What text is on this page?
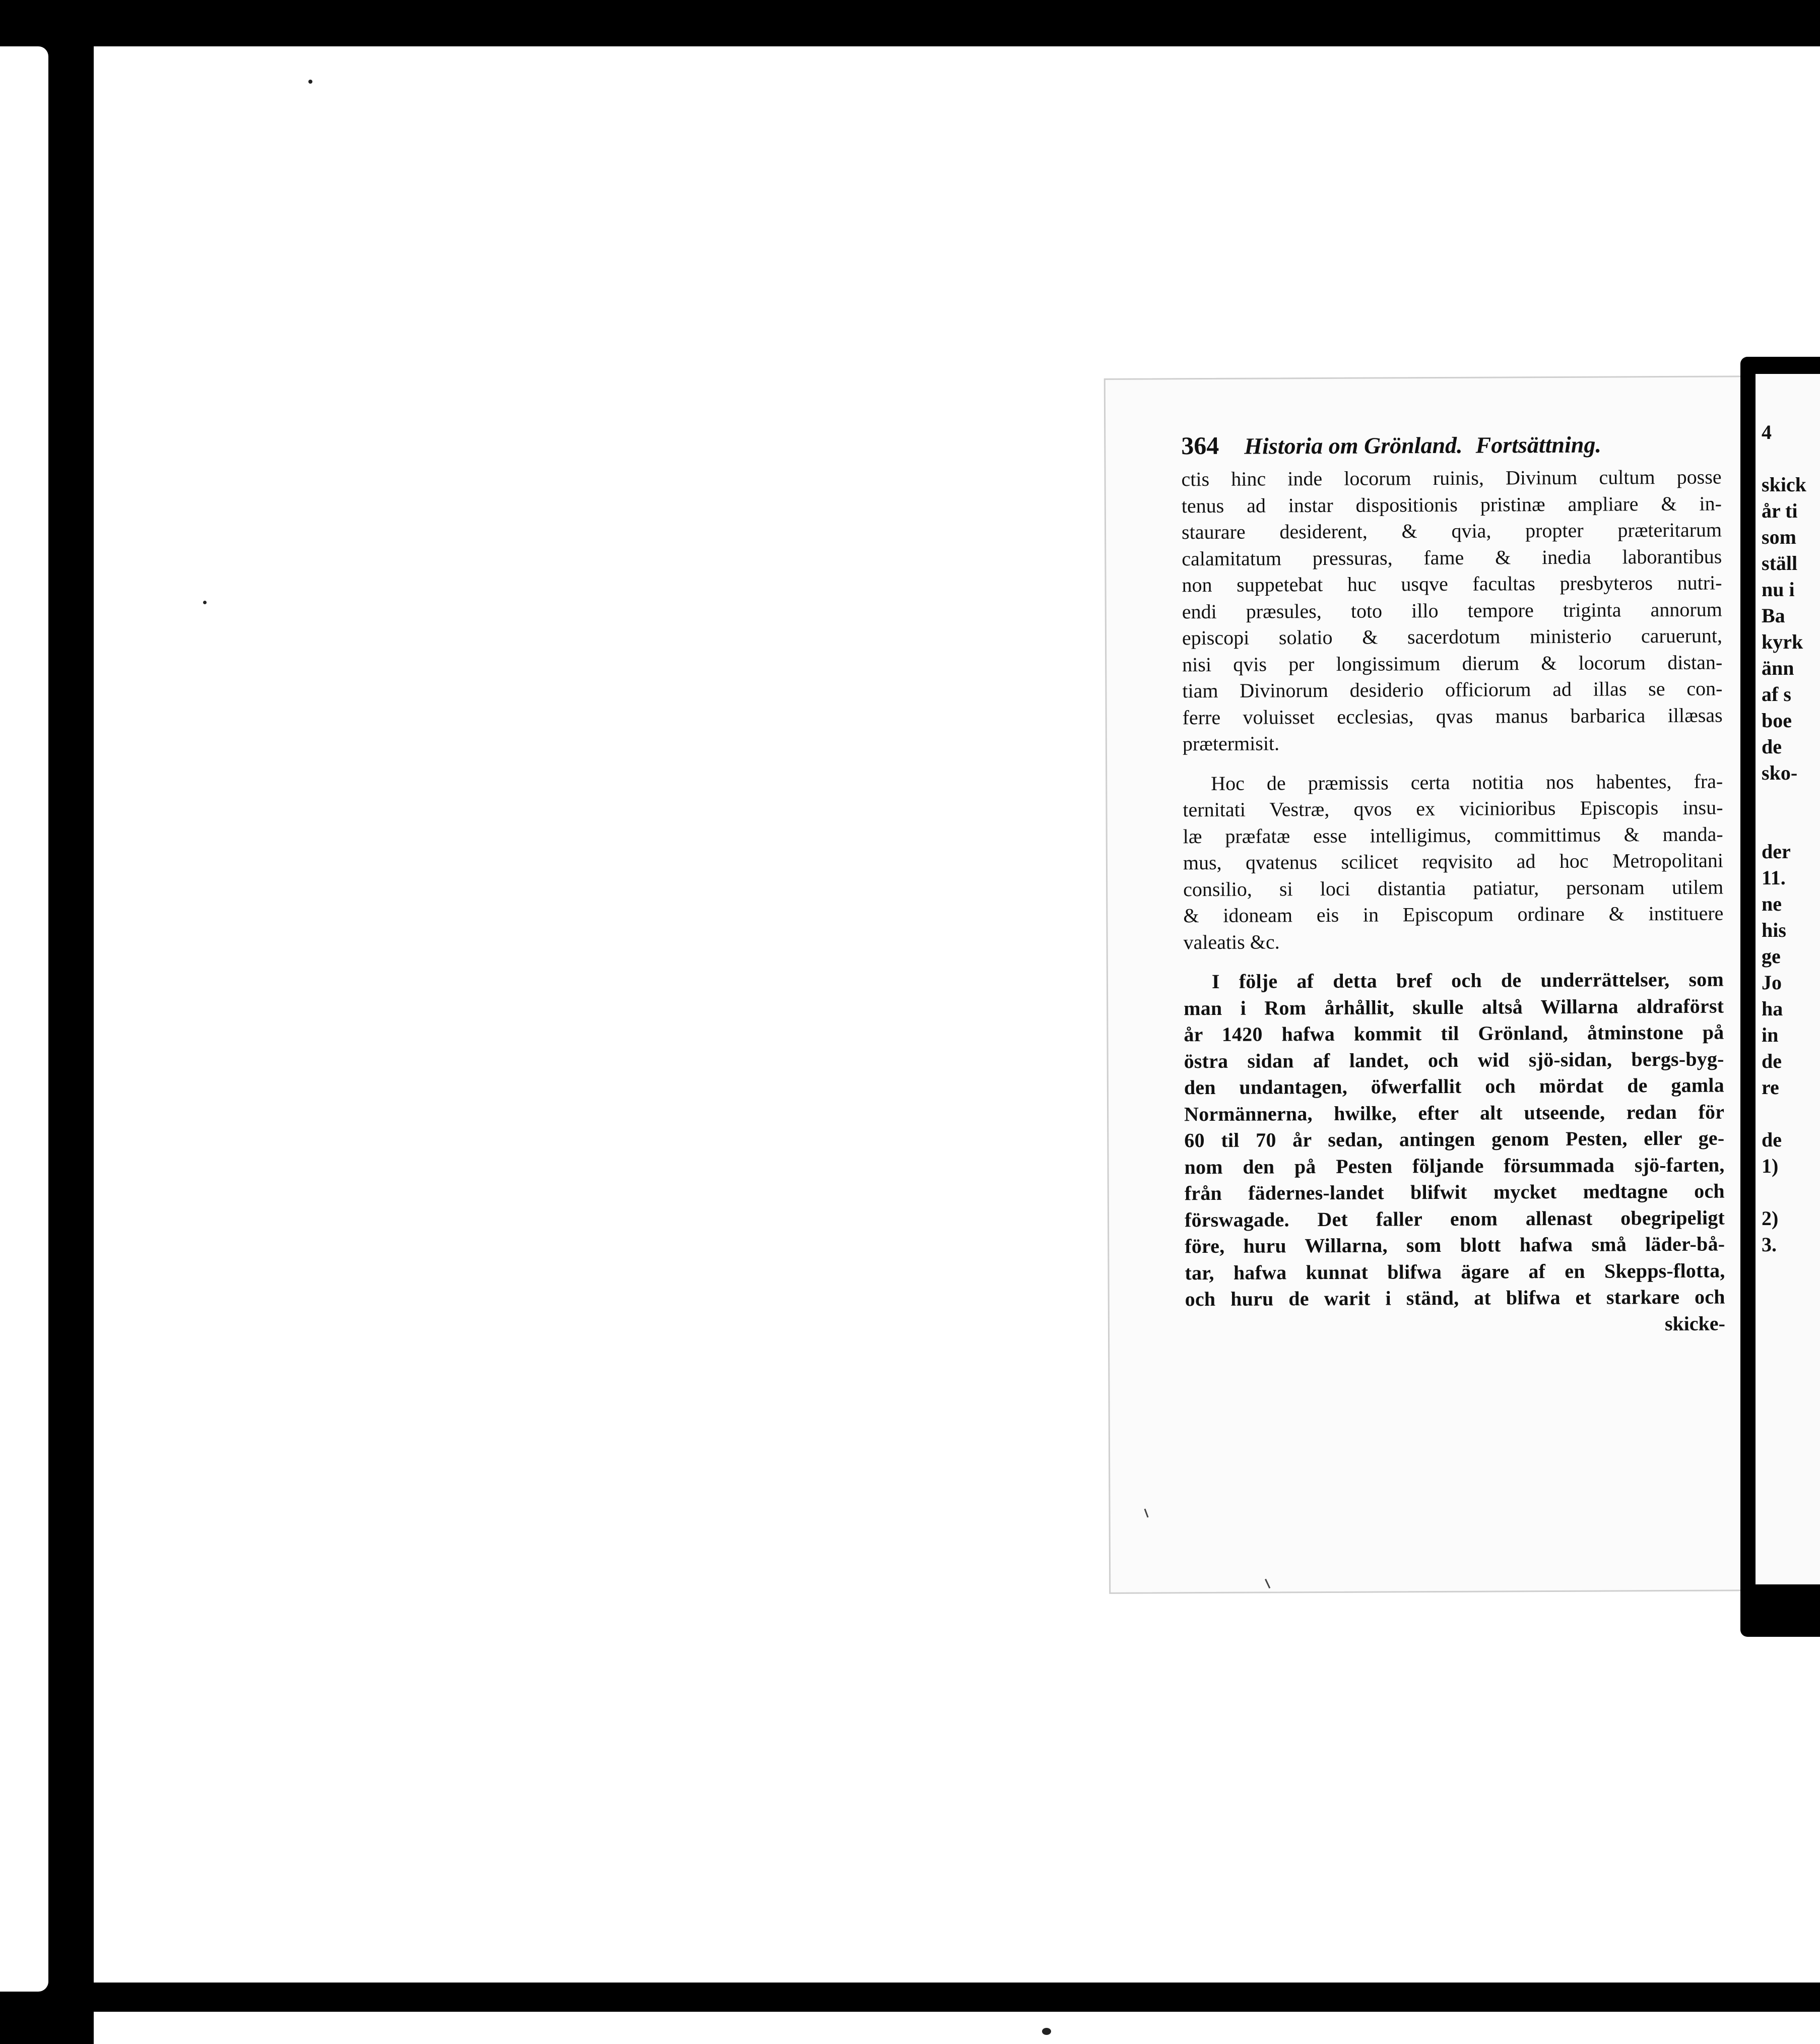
364 Historia om Grönland. Fortsättning.
ctis hinc inde locorum ruinis, Divinum cultum posse
tenus ad instar dispositionis pristinæ ampliare & in-
staurare desiderent, & qvia, propter præteritarum
calamitatum pressuras, fame & inedia laborantibus
non suppetebat huc usqve facultas presbyteros nutri-
endi præsules, toto illo tempore triginta annorum
episcopi solatio & sacerdotum ministerio caruerunt,
nisi qvis per longissimum dierum & locorum distan-
tiam Divinorum desiderio officiorum ad illas se con-
ferre voluisset ecclesias, qvas manus barbarica illæsas
prætermisit.
Hoc de præmissis certa notitia nos habentes, fra-
ternitati Vestræ, qvos ex vicinioribus Episcopis insu-
læ præfatæ esse intelligimus, committimus & manda-
mus, qvatenus scilicet reqvisito ad hoc Metropolitani
consilio, si loci distantia patiatur, personam utilem
& idoneam eis in Episcopum ordinare & instituere
valeatis &c.
I följe af detta bref och de underrättelser, som
man i Rom århållit, skulle altså Willarna aldraförst
år 1420 hafwa kommit til Grönland, åtminstone på
östra sidan af landet, och wid sjö-sidan, bergs-byg-
den undantagen, öfwerfallit och mördat de gamla
Normännerna, hwilke, efter alt utseende, redan för
60 til 70 år sedan, antingen genom Pesten, eller ge-
nom den på Pesten följande försummada sjö-farten,
från fädernes-landet blifwit mycket medtagne och
förswagade. Det faller enom allenast obegripeligt
före, huru Willarna, som blott hafwa små läder-bå-
tar, hafwa kunnat blifwa ägare af en Skepps-flotta,
och huru de warit i ständ, at blifwa et starkare och
skicke-
4

skick
år ti
som
ställ
nu i
Ba
kyrk
änn
af s
boe
de
sko-

der
11.
ne
his
ge
Jo
ha
in
de
re

de
1)

2)
3.
